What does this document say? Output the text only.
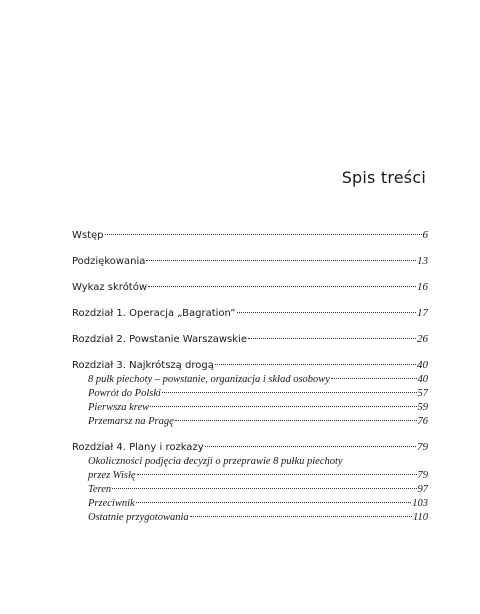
Spis treści
Wstęp	6
Podziękowania	13
Wykaz skrótów	16
Rozdział 1. Operacja „Bagration”	17
Rozdział 2. Powstanie Warszawskie	26
Rozdział 3. Najkrótszą drogą	40
8 pułk piechoty – powstanie, organizacja i skład osobowy	40
Powrót do Polski	57
Pierwsza krew	59
Przemarsz na Pragę	76
Rozdział 4. Plany i rozkazy	79
Okoliczności podjęcia decyzji o przeprawie 8 pułku piechoty
przez Wisłę	79
Teren	97
Przeciwnik	103
Ostatnie przygotowania	110
